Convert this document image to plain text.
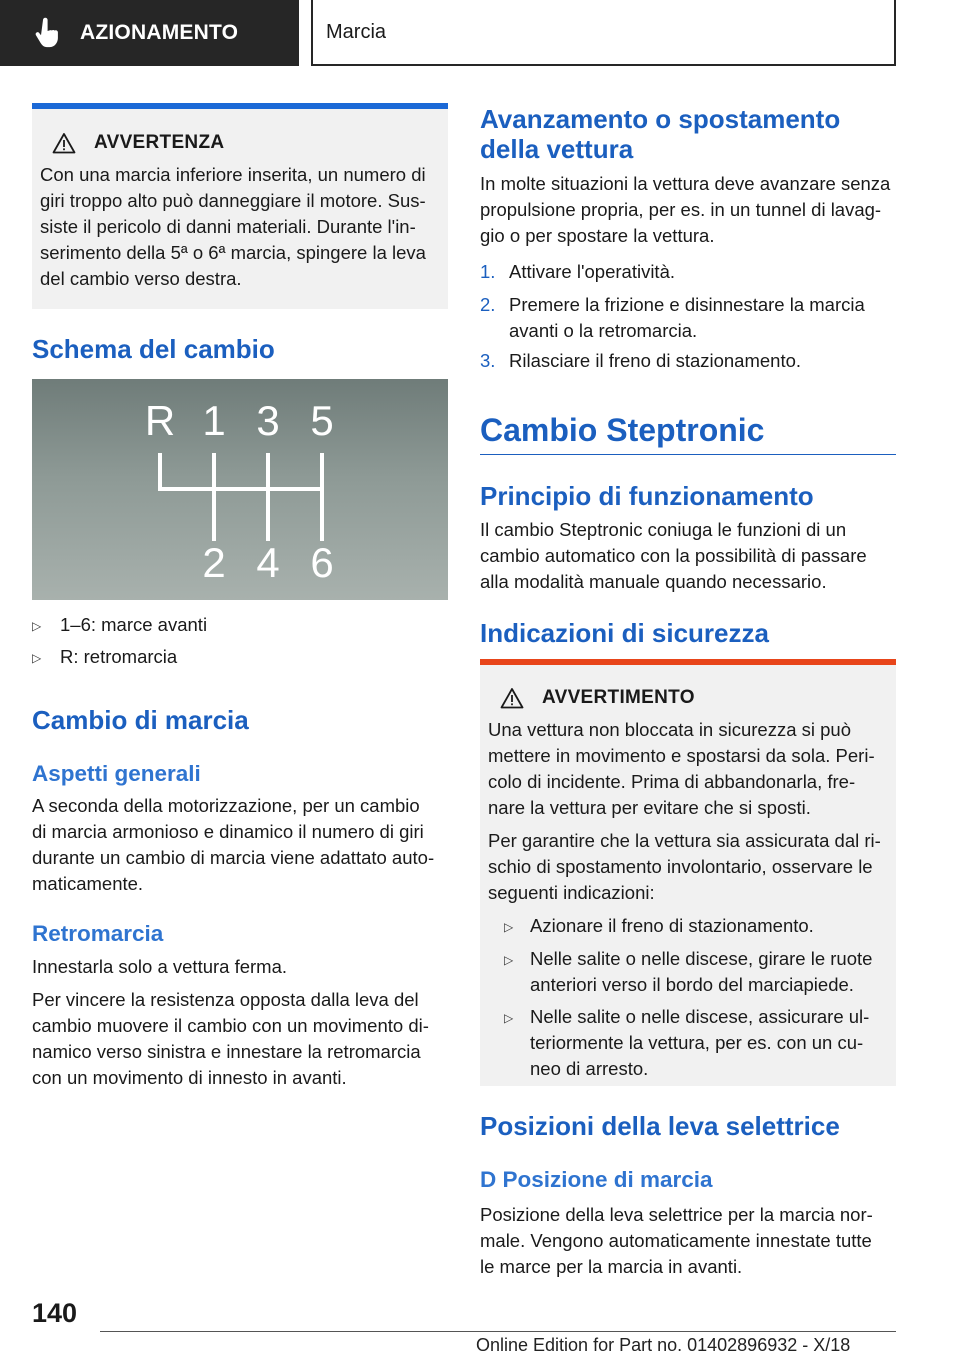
AZIONAMENTO	Marcia
AVVERTENZA
Con una marcia inferiore inserita, un numero di
giri troppo alto può danneggiare il motore. Sus-
siste il pericolo di danni materiali. Durante l'in-
serimento della 5ª o 6ª marcia, spingere la leva
del cambio verso destra.
Schema del cambio
R 1 3 5
2 4 6
▷	1–6: marce avanti
▷	R: retromarcia
Cambio di marcia
Aspetti generali
A seconda della motorizzazione, per un cambio
di marcia armonioso e dinamico il numero di giri
durante un cambio di marcia viene adattato auto-
maticamente.
Retromarcia
Innestarla solo a vettura ferma.
Per vincere la resistenza opposta dalla leva del
cambio muovere il cambio con un movimento di-
namico verso sinistra e innestare la retromarcia
con un movimento di innesto in avanti.
Avanzamento o spostamento
della vettura
In molte situazioni la vettura deve avanzare senza
propulsione propria, per es. in un tunnel di lavag-
gio o per spostare la vettura.
1. Attivare l'operatività.
2. Premere la frizione e disinnestare la marcia
avanti o la retromarcia.
3. Rilasciare il freno di stazionamento.
Cambio Steptronic
Principio di funzionamento
Il cambio Steptronic coniuga le funzioni di un
cambio automatico con la possibilità di passare
alla modalità manuale quando necessario.
Indicazioni di sicurezza
AVVERTIMENTO
Una vettura non bloccata in sicurezza si può
mettere in movimento e spostarsi da sola. Peri-
colo di incidente. Prima di abbandonarla, fre-
nare la vettura per evitare che si sposti.
Per garantire che la vettura sia assicurata dal ri-
schio di spostamento involontario, osservare le
seguenti indicazioni:
▷ Azionare il freno di stazionamento.
▷ Nelle salite o nelle discese, girare le ruote
anteriori verso il bordo del marciapiede.
▷ Nelle salite o nelle discese, assicurare ul-
teriormente la vettura, per es. con un cu-
neo di arresto.
Posizioni della leva selettrice
D Posizione di marcia
Posizione della leva selettrice per la marcia nor-
male. Vengono automaticamente innestate tutte
le marce per la marcia in avanti.
140
Online Edition for Part no. 01402896932 - X/18
